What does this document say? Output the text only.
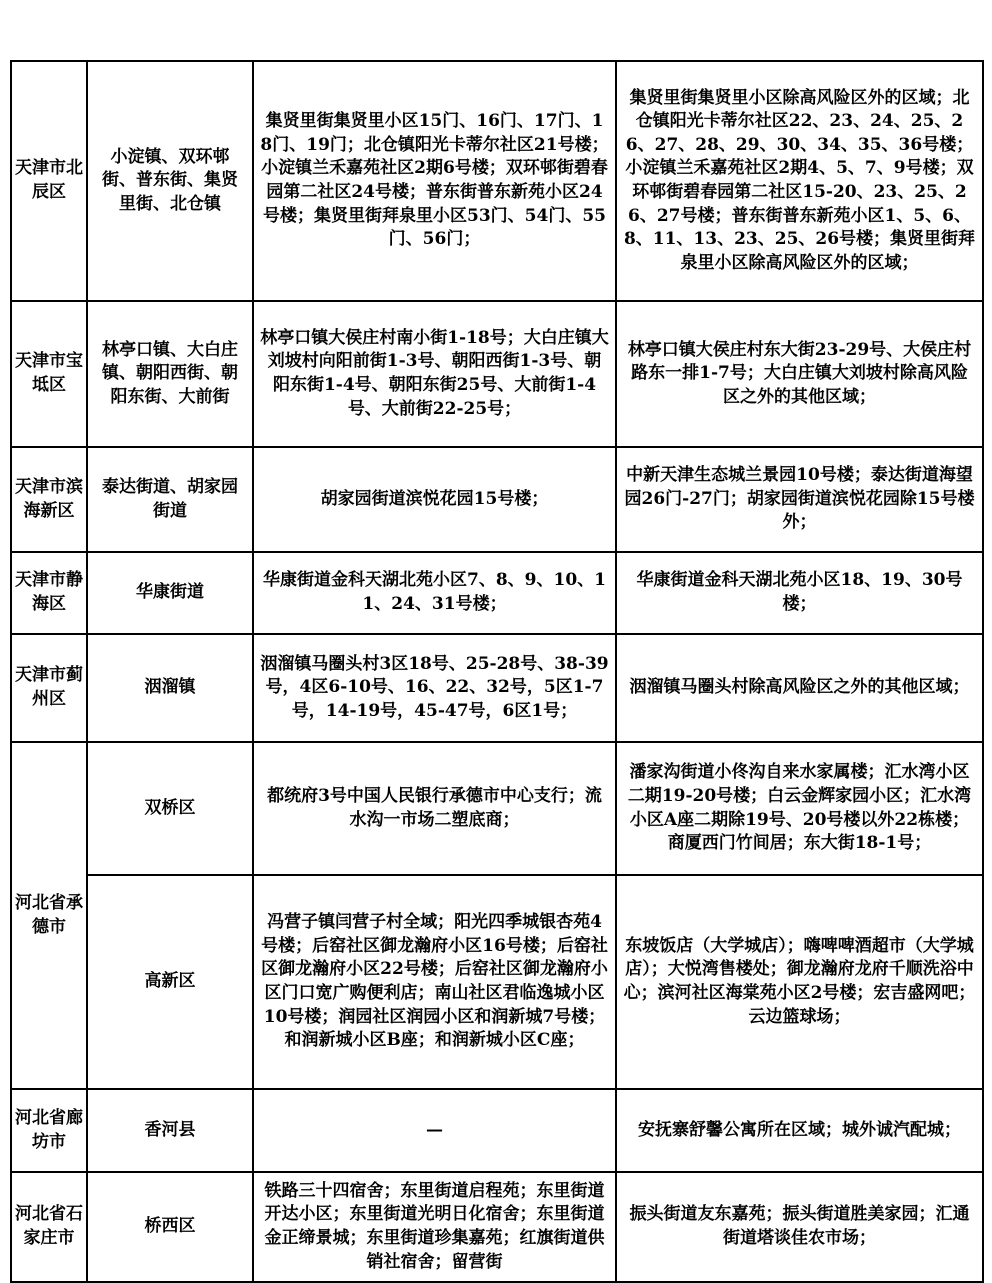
天津市北辰区	小淀镇、双环邨街、普东街、集贤里街、北仓镇	集贤里街集贤里小区15门、16门、17门、18门、19门；北仓镇阳光卡蒂尔社区21号楼；小淀镇兰禾嘉苑社区2期6号楼；双环邨街碧春园第二社区24号楼；普东街普东新苑小区24号楼；集贤里街拜泉里小区53门、54门、55门、56门；	集贤里街集贤里小区除高风险区外的区域；北仓镇阳光卡蒂尔社区22、23、24、25、26、27、28、29、30、34、35、36号楼；小淀镇兰禾嘉苑社区2期4、5、7、9号楼；双环邨街碧春园第二社区15-20、23、25、26、27号楼；普东街普东新苑小区1、5、6、8、11、13、23、25、26号楼；集贤里街拜泉里小区除高风险区外的区域；
天津市宝坻区	林亭口镇、大白庄镇、朝阳西街、朝阳东街、大前街	林亭口镇大侯庄村南小街1-18号；大白庄镇大刘坡村向阳前街1-3号、朝阳西街1-3号、朝阳东街1-4号、朝阳东街25号、大前街1-4号、大前街22-25号；	林亭口镇大侯庄村东大街23-29号、大侯庄村路东一排1-7号；大白庄镇大刘坡村除高风险区之外的其他区域；
天津市滨海新区	泰达街道、胡家园街道	胡家园街道滨悦花园15号楼；	中新天津生态城兰景园10号楼；泰达街道海望园26门-27门；胡家园街道滨悦花园除15号楼外；
天津市静海区	华康街道	华康街道金科天湖北苑小区7、8、9、10、11、24、31号楼；	华康街道金科天湖北苑小区18、19、30号楼；
天津市蓟州区	洇溜镇	洇溜镇马圈头村3区18号、25-28号、38-39号，4区6-10号、16、22、32号，5区1-7号，14-19号，45-47号，6区1号；	洇溜镇马圈头村除高风险区之外的其他区域；
河北省承德市	双桥区	都统府3号中国人民银行承德市中心支行；流水沟一市场二塑底商；	潘家沟街道小佟沟自来水家属楼；汇水湾小区二期19-20号楼；白云金辉家园小区；汇水湾小区A座二期除19号、20号楼以外22栋楼；商厦西门竹间居；东大街18-1号；
	高新区	冯营子镇闫营子村全域；阳光四季城银杏苑4号楼；后窑社区御龙瀚府小区16号楼；后窑社区御龙瀚府小区22号楼；后窑社区御龙瀚府小区门口宽广购便利店；南山社区君临逸城小区10号楼；润园社区润园小区和润新城7号楼；和润新城小区B座；和润新城小区C座；	东坡饭店（大学城店）；嗨啤啤酒超市（大学城店）；大悦湾售楼处；御龙瀚府龙府千顺洗浴中心；滨河社区海棠苑小区2号楼；宏吉盛网吧；云边篮球场；
河北省廊坊市	香河县	—	安抚寨舒馨公寓所在区域；城外诚汽配城；
河北省石家庄市	桥西区	铁路三十四宿舍；东里街道启程苑；东里街道开达小区；东里街道光明日化宿舍；东里街道金正缔景城；东里街道珍集嘉苑；红旗街道供销社宿舍；留营街	振头街道友东嘉苑；振头街道胜美家园；汇通街道塔谈佳农市场；
